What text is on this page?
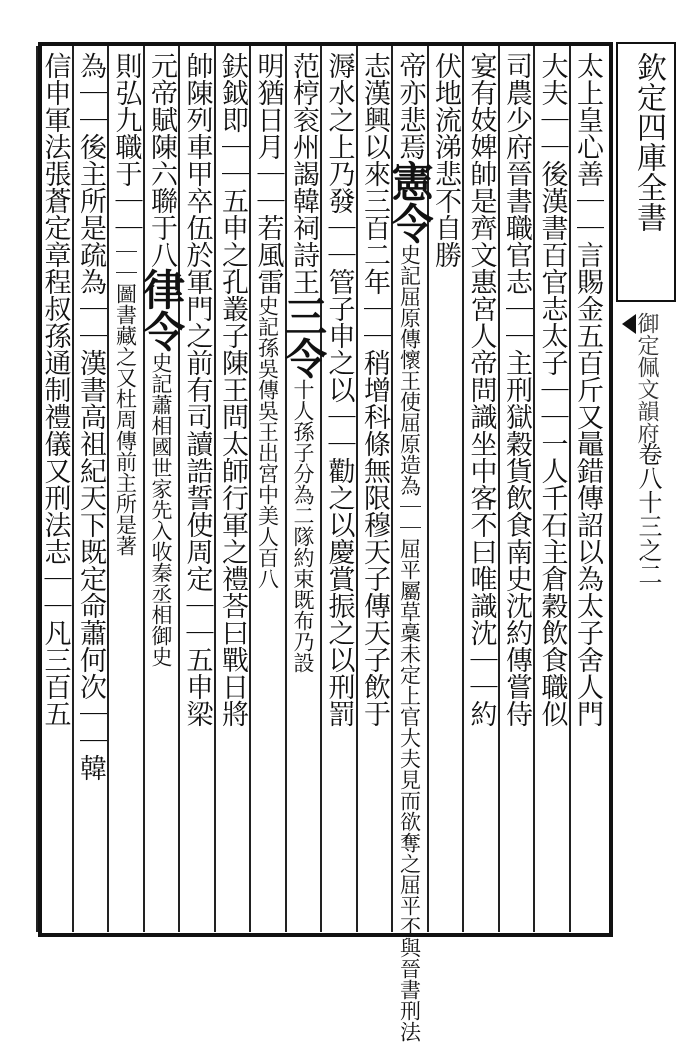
欽定四庫全書
御定佩文韻府
卷八十三之二
太上皇心善｜｜言賜金五百斤又鼂錯傳詔以為太子舍人門
大夫｜｜後漢書百官志太子｜｜一人千石主倉穀飲食職似
司農少府晉書職官志｜｜主刑獄穀貨飲食南史沈約傳嘗侍
宴有妓婢帥是齊文惠宮人帝問識坐中客不曰唯識沈｜｜約
伏地流涕悲不自勝
帝亦悲焉憲令史記屈原傳懷王使屈原造為｜｜屈平屬草稾未定上官大夫見而欲奪之屈平不與晉書刑法
志漢興以來三百二年｜｜稍增科條無限穆天子傳天子飲于
溽水之上乃發｜｜管子申之以｜｜勸之以慶賞振之以刑罰
范梈衮州謁韓祠詩王三令十人孫子分為二隊約束既布乃設
明猶日月｜｜若風雷史記孫吳傳吳王出宮中美人百八
鈇鉞即｜｜五申之孔叢子陳王問太師行軍之禮荅曰戰日將
帥陳列車甲卒伍於軍門之前有司讀誥誓使周定｜｜五申梁
元帝賦陳六聯于八律令史記蕭相國世家先入收秦丞相御史
則弘九職于｜｜｜｜圖書藏之又杜周傳前主所是著
為｜｜後主所是疏為｜｜漢書高祖紀天下既定命蕭何次｜｜韓
信申軍法張蒼定章程叔孫通制禮儀又刑法志｜｜凡三百五
